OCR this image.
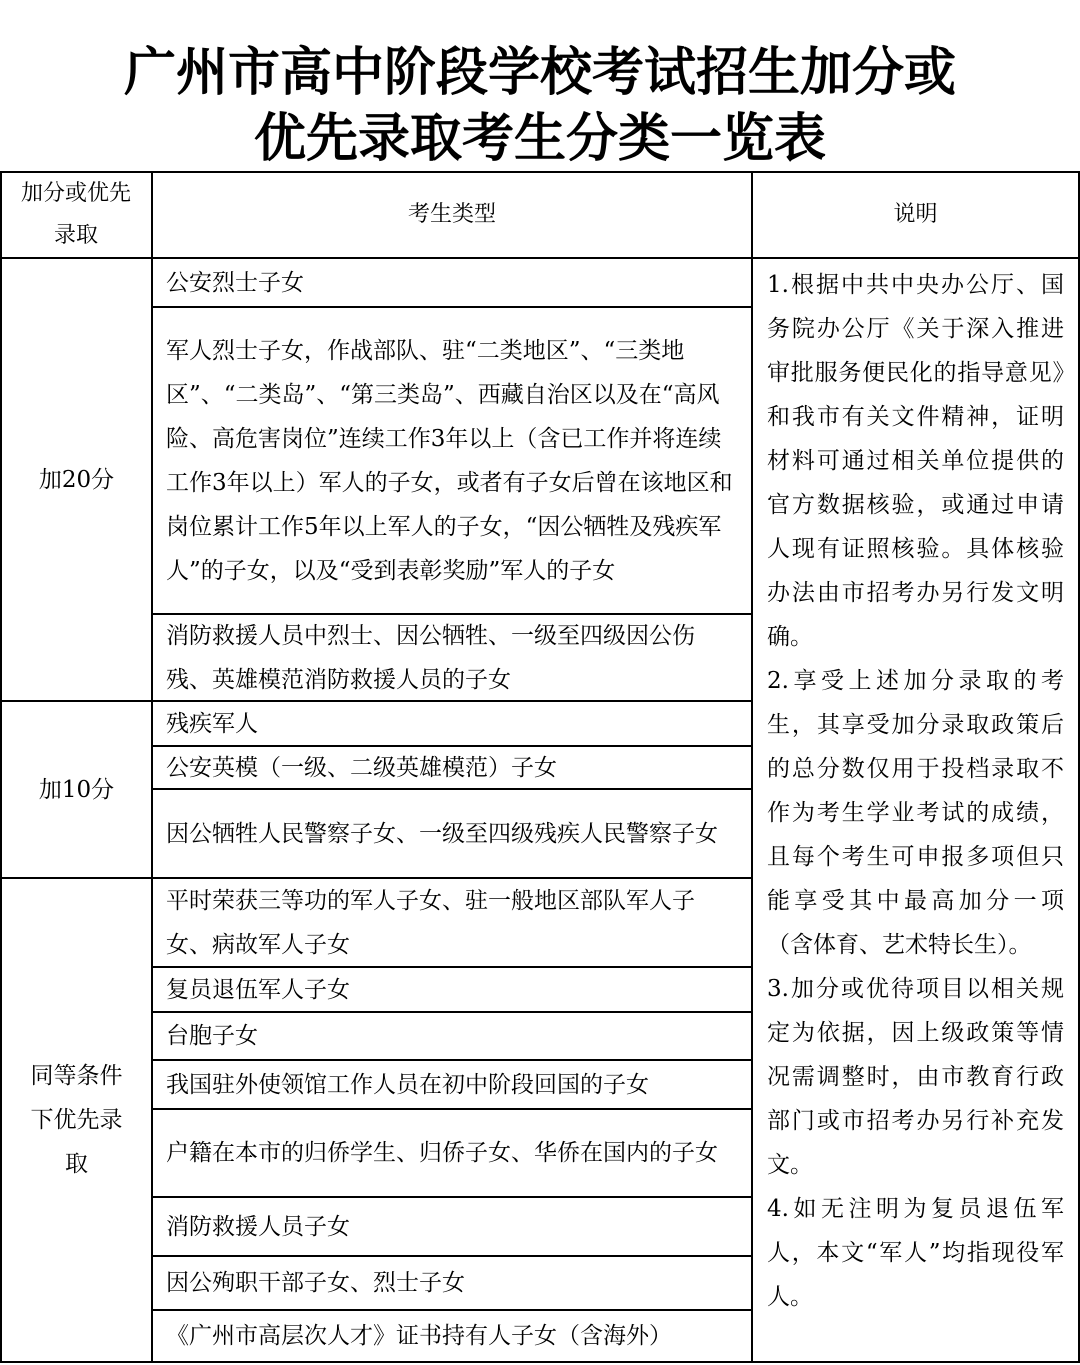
广州市高中阶段学校考试招生加分或
优先录取考生分类一览表
加分或优先录取
考生类型	说明
加20分
加10分
同等条件下优先录取
公安烈士子女
军人烈士子女，作战部队、驻“二类地区”、“三类地区”、“二类岛”、“第三类岛”、西藏自治区以及在“高风险、高危害岗位”连续工作3年以上（含已工作并将连续工作3年以上）军人的子女，或者有子女后曾在该地区和岗位累计工作5年以上军人的子女，“因公牺牲及残疾军人”的子女，以及“受到表彰奖励”军人的子女
消防救援人员中烈士、因公牺牲、一级至四级因公伤残、英雄模范消防救援人员的子女
残疾军人
公安英模（一级、二级英雄模范）子女
因公牺牲人民警察子女、一级至四级残疾人民警察子女
平时荣获三等功的军人子女、驻一般地区部队军人子女、病故军人子女
复员退伍军人子女
台胞子女
我国驻外使领馆工作人员在初中阶段回国的子女
户籍在本市的归侨学生、归侨子女、华侨在国内的子女
消防救援人员子女
因公殉职干部子女、烈士子女
《广州市高层次人才》证书持有人子女（含海外）
1.根据中共中央办公厅、国务院办公厅《关于深入推进审批服务便民化的指导意见》和我市有关文件精神，证明材料可通过相关单位提供的官方数据核验，或通过申请人现有证照核验。具体核验办法由市招考办另行发文明确。
2.享受上述加分录取的考生，其享受加分录取政策后的总分数仅用于投档录取不作为考生学业考试的成绩，且每个考生可申报多项但只能享受其中最高加分一项（含体育、艺术特长生）。
3.加分或优待项目以相关规定为依据，因上级政策等情况需调整时，由市教育行政部门或市招考办另行补充发文。
4.如无注明为复员退伍军人，本文“军人”均指现役军人。
